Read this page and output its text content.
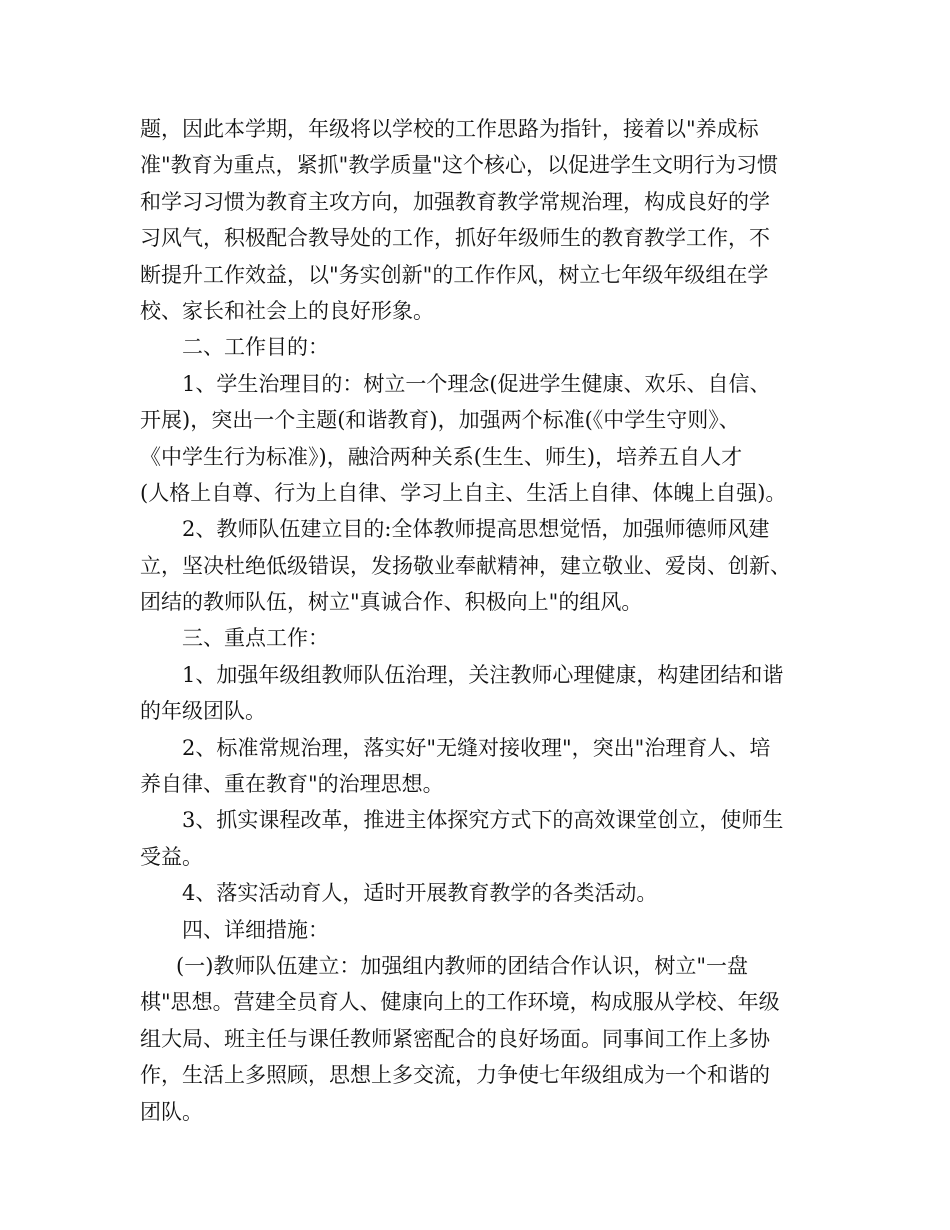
题，因此本学期，年级将以学校的工作思路为指针，接着以"养成标
准"教育为重点，紧抓"教学质量"这个核心，以促进学生文明行为习惯
和学习习惯为教育主攻方向，加强教育教学常规治理，构成良好的学
习风气，积极配合教导处的工作，抓好年级师生的教育教学工作，不
断提升工作效益，以"务实创新"的工作作风，树立七年级年级组在学
校、家长和社会上的良好形象。
二、工作目的：
1、学生治理目的：树立一个理念(促进学生健康、欢乐、自信、
开展)，突出一个主题(和谐教育)，加强两个标准(《中学生守则》、
《中学生行为标准》)，融洽两种关系(生生、师生)，培养五自人才
(人格上自尊、行为上自律、学习上自主、生活上自律、体魄上自强)。
2、教师队伍建立目的:全体教师提高思想觉悟，加强师德师风建
立，坚决杜绝低级错误，发扬敬业奉献精神，建立敬业、爱岗、创新、
团结的教师队伍，树立"真诚合作、积极向上"的组风。
三、重点工作：
1、加强年级组教师队伍治理，关注教师心理健康，构建团结和谐
的年级团队。
2、标准常规治理，落实好"无缝对接收理"，突出"治理育人、培
养自律、重在教育"的治理思想。
3、抓实课程改革，推进主体探究方式下的高效课堂创立，使师生
受益。
4、落实活动育人，适时开展教育教学的各类活动。
四、详细措施：
(一)教师队伍建立：加强组内教师的团结合作认识，树立"一盘
棋"思想。营建全员育人、健康向上的工作环境，构成服从学校、年级
组大局、班主任与课任教师紧密配合的良好场面。同事间工作上多协
作，生活上多照顾，思想上多交流，力争使七年级组成为一个和谐的
团队。
